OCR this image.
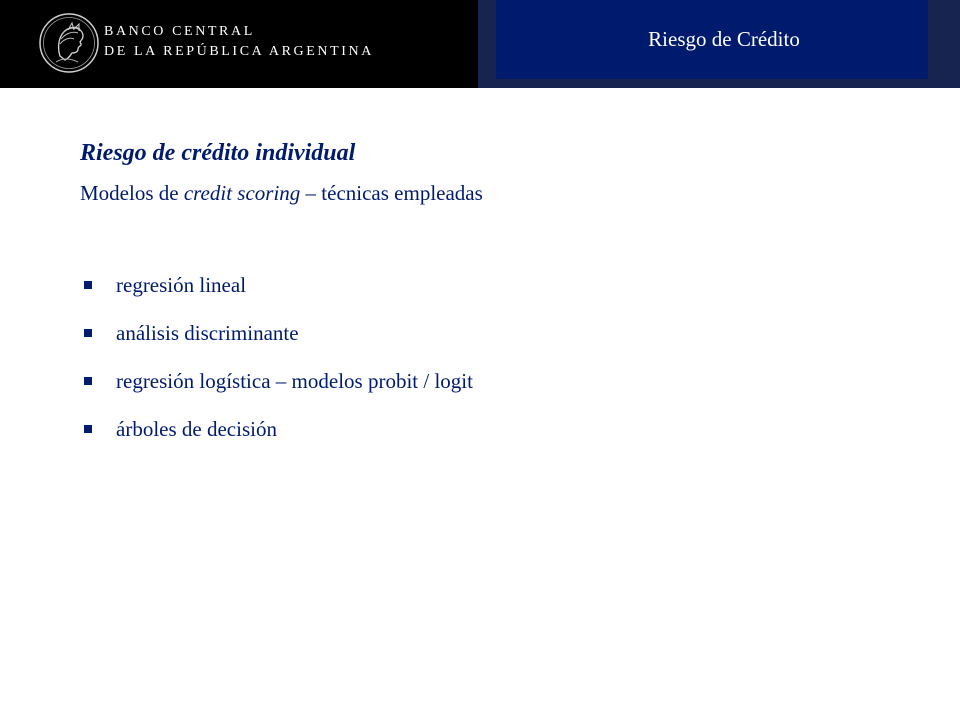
BANCO CENTRAL
DE LA REPÚBLICA ARGENTINA
Riesgo de Crédito
Riesgo de crédito individual
Modelos de credit scoring – técnicas empleadas
regresión lineal
análisis discriminante
regresión logística – modelos probit / logit
árboles de decisión
